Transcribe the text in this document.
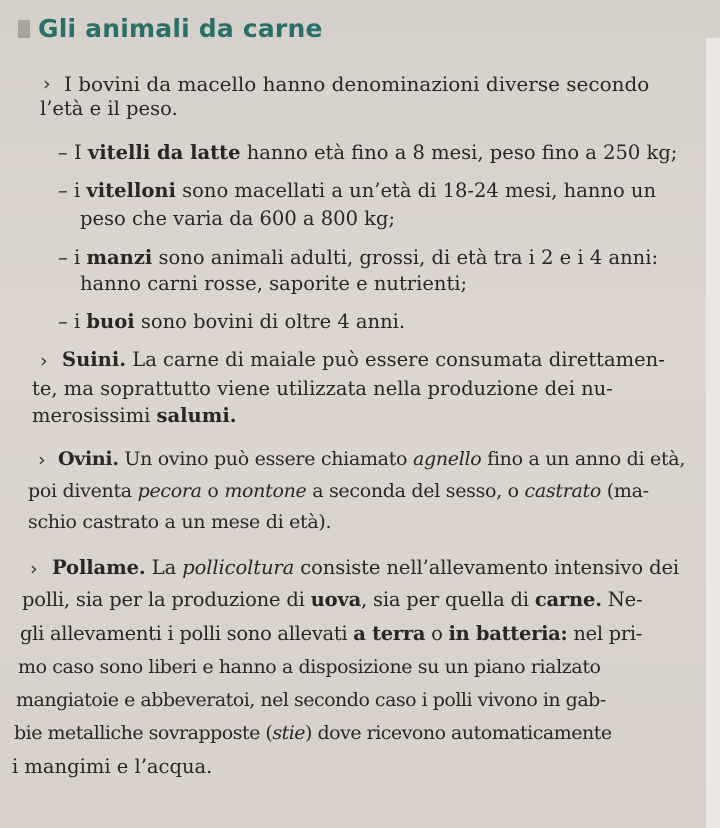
Gli animali da carne
› I bovini da macello hanno denominazioni diverse secondo
l’età e il peso.
– I vitelli da latte hanno età fino a 8 mesi, peso fino a 250 kg;
– i vitelloni sono macellati a un’età di 18-24 mesi, hanno un
peso che varia da 600 a 800 kg;
– i manzi sono animali adulti, grossi, di età tra i 2 e i 4 anni:
hanno carni rosse, saporite e nutrienti;
– i buoi sono bovini di oltre 4 anni.
› Suini. La carne di maiale può essere consumata direttamen-
te, ma soprattutto viene utilizzata nella produzione dei nu-
merosissimi salumi.
› Ovini. Un ovino può essere chiamato agnello fino a un anno di età,
poi diventa pecora o montone a seconda del sesso, o castrato (ma-
schio castrato a un mese di età).
› Pollame. La pollicoltura consiste nell’allevamento intensivo dei
polli, sia per la produzione di uova, sia per quella di carne. Ne-
gli allevamenti i polli sono allevati a terra o in batteria: nel pri-
mo caso sono liberi e hanno a disposizione su un piano rialzato
mangiatoie e abbeveratoi, nel secondo caso i polli vivono in gab-
bie metalliche sovrapposte (stie) dove ricevono automaticamente
i mangimi e l’acqua.
